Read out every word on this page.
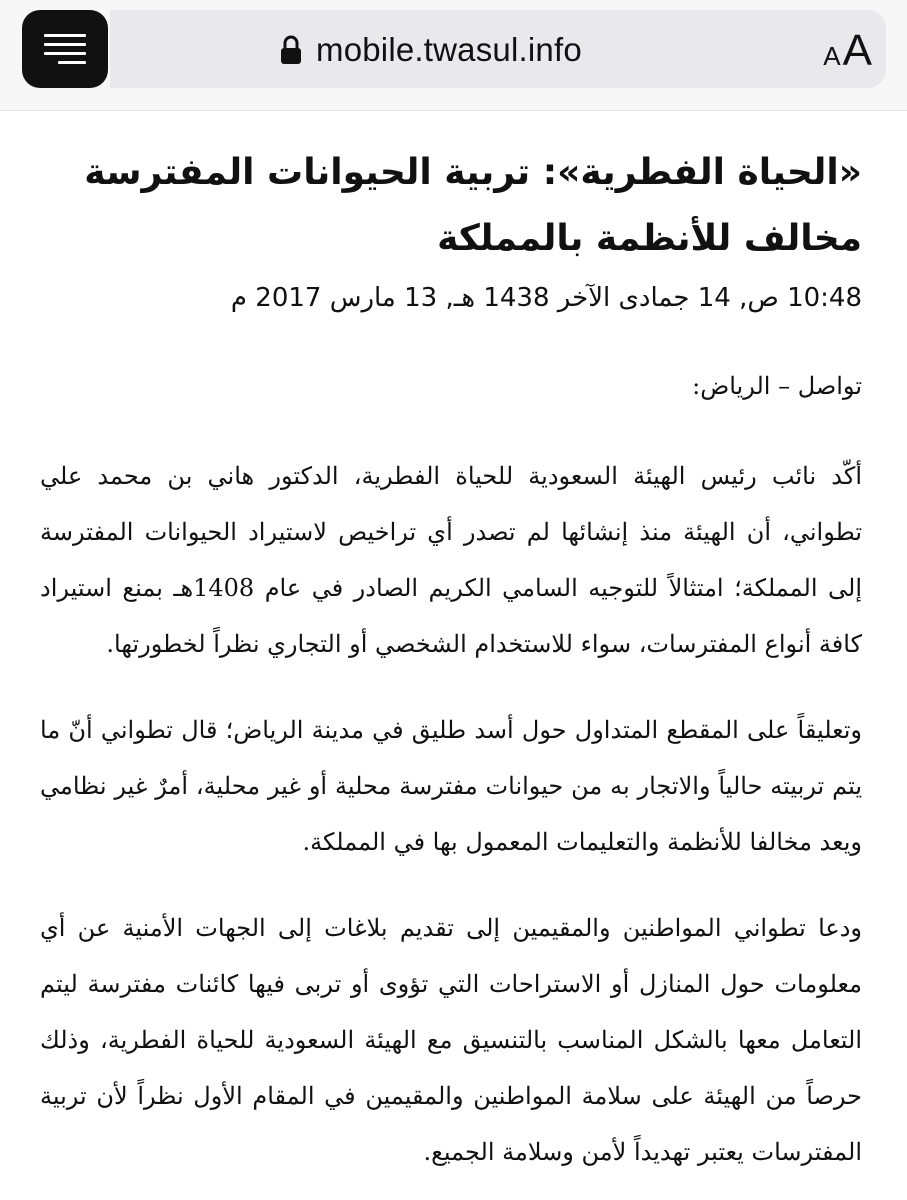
mobile.twasul.info	A A
«الحياة الفطرية»: تربية الحيوانات المفترسة مخالف للأنظمة بالمملكة

10:48 ص, 14 جمادى الآخر 1438 هـ, 13 مارس 2017 م

تواصل – الرياض:

أكّد نائب رئيس الهيئة السعودية للحياة الفطرية، الدكتور هاني بن محمد علي تطواني، أن الهيئة منذ إنشائها لم تصدر أي تراخيص لاستيراد الحيوانات المفترسة إلى المملكة؛ امتثالاً للتوجيه السامي الكريم الصادر في عام 1408هـ بمنع استيراد كافة أنواع المفترسات، سواء للاستخدام الشخصي أو التجاري نظراً لخطورتها.

وتعليقاً على المقطع المتداول حول أسد طليق في مدينة الرياض؛ قال تطواني أنّ ما يتم تربيته حالياً والاتجار به من حيوانات مفترسة محلية أو غير محلية، أمرٌ غير نظامي ويعد مخالفا للأنظمة والتعليمات المعمول بها في المملكة.

ودعا تطواني المواطنين والمقيمين إلى تقديم بلاغات إلى الجهات الأمنية عن أي معلومات حول المنازل أو الاستراحات التي تؤوى أو تربى فيها كائنات مفترسة ليتم التعامل معها بالشكل المناسب بالتنسيق مع الهيئة السعودية للحياة الفطرية، وذلك حرصاً من الهيئة على سلامة المواطنين والمقيمين في المقام الأول نظراً لأن تربية المفترسات يعتبر تهديداً لأمن وسلامة الجميع.
